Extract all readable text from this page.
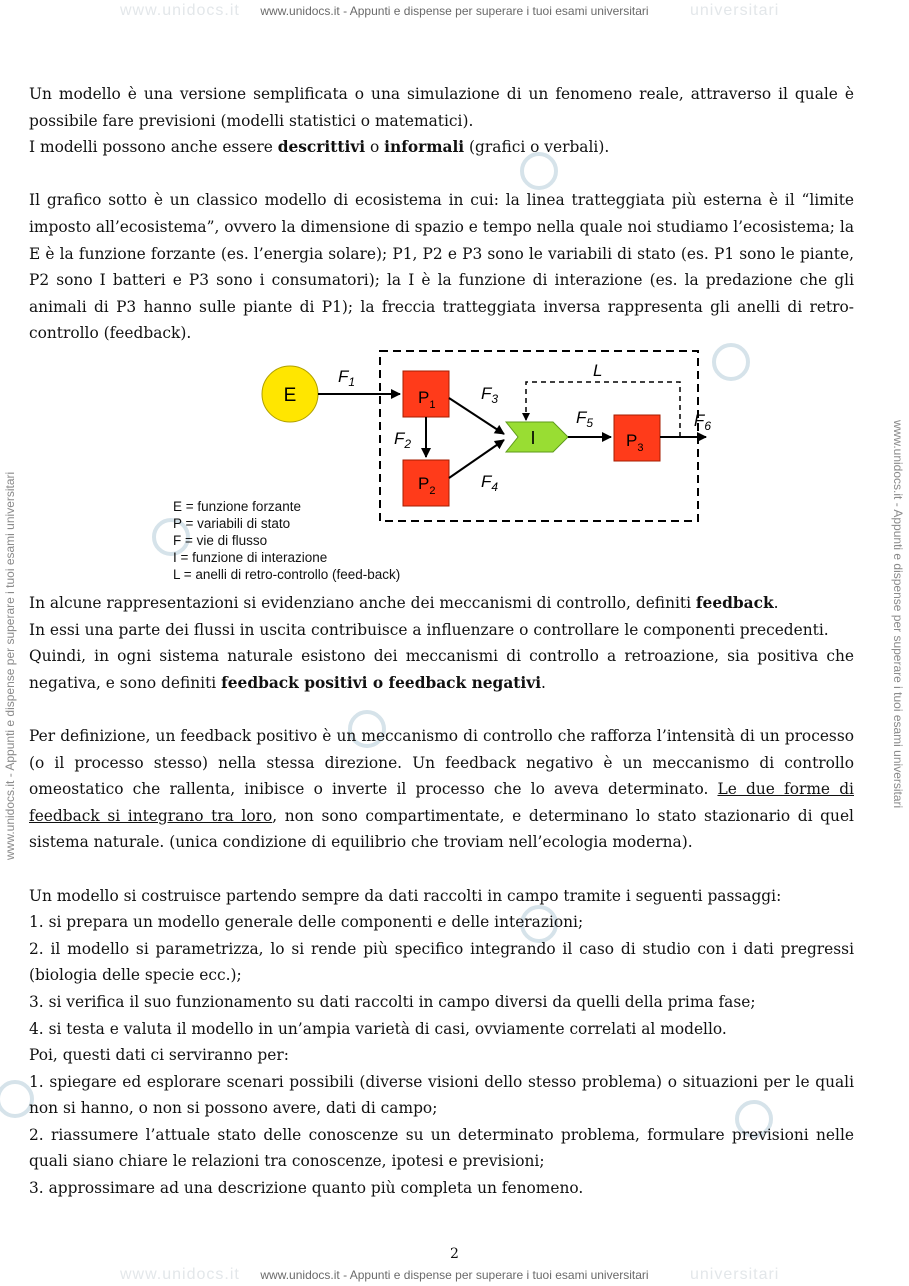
www.unidocs.it	universitari
www.unidocs.it - Appunti e dispense per superare i tuoi esami universitari
www.unidocs.it	universitari
www.unidocs.it - Appunti e dispense per superare i tuoi esami universitari
www.unidocs.it - Appunti e dispense per superare i tuoi esami universitari	www.unidocs.it - Appunti e dispense per superare i tuoi esami universitari

Un modello è una versione semplificata o una simulazione di un fenomeno reale, attraverso il quale è possibile fare previsioni (modelli statistici o matematici).

I modelli possono anche essere descrittivi o informali (grafici o verbali).

Il grafico sotto è un classico modello di ecosistema in cui: la linea tratteggiata più esterna è il “limite imposto all’ecosistema”, ovvero la dimensione di spazio e tempo nella quale noi studiamo l’ecosistema; la E è la funzione forzante (es. l’energia solare); P1, P2 e P3 sono le variabili di stato (es. P1 sono le piante, P2 sono I batteri e P3 sono i consumatori); la I è la funzione di interazione (es. la predazione che gli animali di P3 hanno sulle piante di P1); la freccia tratteggiata inversa rappresenta gli anelli di retro-controllo (feedback).

E
$F_1$
$P_1$
$P_2$
$F_2$
$F_3$
$F_4$
I
$F_5$
$P_3$
$F_6$
L
E = funzione forzante
P = variabili di stato
F = vie di flusso
I = funzione di interazione
L = anelli di retro-controllo (feed-back)

In alcune rappresentazioni si evidenziano anche dei meccanismi di controllo, definiti feedback.

In essi una parte dei flussi in uscita contribuisce a influenzare o controllare le componenti precedenti.

Quindi, in ogni sistema naturale esistono dei meccanismi di controllo a retroazione, sia positiva che negativa, e sono definiti feedback positivi o feedback negativi.

Per definizione, un feedback positivo è un meccanismo di controllo che rafforza l’intensità di un processo (o il processo stesso) nella stessa direzione. Un feedback negativo è un meccanismo di controllo omeostatico che rallenta, inibisce o inverte il processo che lo aveva determinato. Le due forme di feedback si integrano tra loro, non sono compartimentate, e determinano lo stato stazionario di quel sistema naturale. (unica condizione di equilibrio che troviam nell’ecologia moderna).

Un modello si costruisce partendo sempre da dati raccolti in campo tramite i seguenti passaggi:

1. si prepara un modello generale delle componenti e delle interazioni;

2. il modello si parametrizza, lo si rende più specifico integrando il caso di studio con i dati pregressi (biologia delle specie ecc.);

3. si verifica il suo funzionamento su dati raccolti in campo diversi da quelli della prima fase;

4. si testa e valuta il modello in un’ampia varietà di casi, ovviamente correlati al modello.

Poi, questi dati ci serviranno per:

1. spiegare ed esplorare scenari possibili (diverse visioni dello stesso problema) o situazioni per le quali non si hanno, o non si possono avere, dati di campo;

2. riassumere l’attuale stato delle conoscenze su un determinato problema, formulare previsioni nelle quali siano chiare le relazioni tra conoscenze, ipotesi e previsioni;

3. approssimare ad una descrizione quanto più completa un fenomeno.

2
